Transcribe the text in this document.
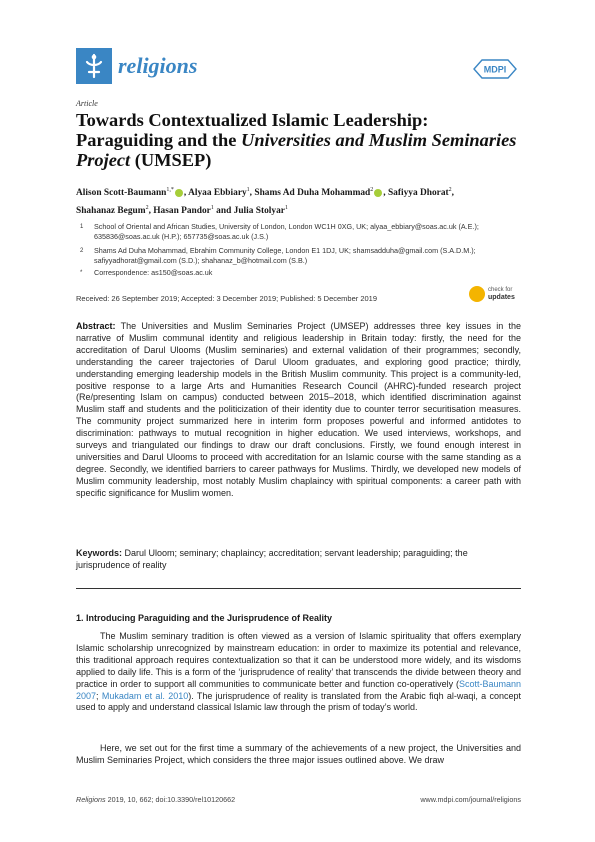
religions	MDPI
Article
Towards Contextualized Islamic Leadership: Paraguiding and the Universities and Muslim Seminaries Project (UMSEP)
Alison Scott-Baumann$^{1,*}$ , Alyaa Ebbiary$^1$, Shams Ad Duha Mohammad$^2$ , Safiyya Dhorat$^2$,
Shahanaz Begum$^2$, Hasan Pandor$^1$ and Julia Stolyar$^1$
1 School of Oriental and African Studies, University of London, London WC1H 0XG, UK; alyaa_ebbiary@soas.ac.uk (A.E.); 635836@soas.ac.uk (H.P.); 657735@soas.ac.uk (J.S.)
2 Shams Ad Duha Mohammad, Ebrahim Community College, London E1 1DJ, UK; shamsadduha@gmail.com (S.A.D.M.); safiyyadhorat@gmail.com (S.D.); shahanaz_b@hotmail.com (S.B.)
* Correspondence: as150@soas.ac.uk
Received: 26 September 2019; Accepted: 3 December 2019; Published: 5 December 2019
check for
updates
Abstract: The Universities and Muslim Seminaries Project (UMSEP) addresses three key issues in the narrative of Muslim communal identity and religious leadership in Britain today: firstly, the need for the accreditation of Darul Ulooms (Muslim seminaries) and external validation of their programmes; secondly, understanding the career trajectories of Darul Uloom graduates, and exploring good practice; thirdly, understanding emerging leadership models in the British Muslim community. This project is a community-led, positive response to a large Arts and Humanities Research Council (AHRC)-funded research project (Re/presenting Islam on campus) conducted between 2015–2018, which identified discrimination against Muslim staff and students and the politicization of their identity due to counter terror securitisation measures. The community project summarized here in interim form proposes powerful and informed antidotes to discrimination: pathways to mutual recognition in higher education. We used interviews, workshops, and surveys and triangulated our findings to draw our draft conclusions. Firstly, we found enough interest in universities and Darul Ulooms to proceed with accreditation for an Islamic course with the same standing as a degree. Secondly, we identified barriers to career pathways for Muslims. Thirdly, we developed new models of Muslim community leadership, most notably Muslim chaplaincy with spiritual components: a career path with specific significance for Muslim women.
Keywords: Darul Uloom; seminary; chaplaincy; accreditation; servant leadership; paraguiding; the jurisprudence of reality
1. Introducing Paraguiding and the Jurisprudence of Reality
The Muslim seminary tradition is often viewed as a version of Islamic spirituality that offers exemplary Islamic scholarship unrecognized by mainstream education: in order to maximize its potential and relevance, this traditional approach requires contextualization so that it can be understood more widely, and its wisdoms applied to daily life. This is a form of the ‘jurisprudence of reality’ that transcends the divide between theory and practice in order to support all communities to communicate better and function co-operatively (Scott-Baumann 2007; Mukadam et al. 2010). The jurisprudence of reality is translated from the Arabic fiqh al-waqi, a concept used to apply and understand classical Islamic law through the prism of today’s world.
Here, we set out for the first time a summary of the achievements of a new project, the Universities and Muslim Seminaries Project, which considers the three major issues outlined above. We draw
Religions 2019, 10, 662; doi:10.3390/rel10120662	www.mdpi.com/journal/religions
